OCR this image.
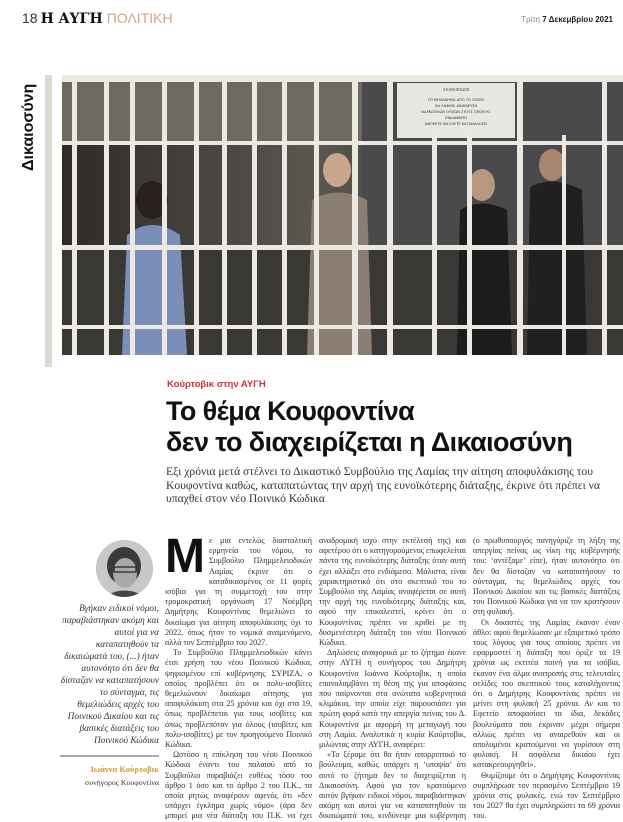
18 Η ΑΥΓΗ ΠΟΛΙΤΙΚΗ	Τρίτη 7 Δεκεμβρίου 2021
Δικαιοσύνη	ΑΝΑΚΟΙΝΩΣΗ
ΤΟ ΜΗΧΑΝΗΜΑ ΑΠΟ ΤΟ ΟΠΟΙΟ
ΘΑ ΛΗΦΘΕΙ ΑΝΙΧΝΕΥΣΗ
ΝΑΡΚΩΤΙΚΩΝ ΟΥΣΙΩΝ ΣΤΟΥΣ ΟΠΟΙΟΥΣ
ΕΝΔΙΑΦΕΡΕΙ
ΑΦΟΡΕΤΕ ΑΝ ΕΧΕΤΕ ΚΑΤΑΝΑΛΩΣΕΙ
Κούρτοβικ στην ΑΥΓΗ
Το θέμα Κουφοντίνα
δεν το διαχειρίζεται η Δικαιοσύνη
Εξι χρόνια μετά στέλνει το Δικαστικό Συμβούλιο της Λαμίας την αίτηση αποφυλάκισης του Κουφοντίνα καθώς, καταπατώντας την αρχή της ευνοϊκότερης διάταξης, έκρινε ότι πρέπει να υπαχθεί στον νέο Ποινικό Κώδικα
Βγήκαν ειδικοί νόμοι, παραβιάστηκαν ακόμη και αυτοί για να καταπατηθούν τα δικαιώματά του, (...) ήταν αυτονόητο ότι δεν θα δίσταζαν να καταπατήσουν το σύνταγμα, τις θεμελιώδεις αρχές του Ποινικού Δικαίου και τις βασικές διατάξεις του Ποινικού Κώδικα
Ιωάννα Κούρτοβικ
συνήγορος Κουφοντίνα

Με μια εντελώς διασταλτική ερμηνεία του νόμου, το Συμβούλιο Πλημμελειοδικών Λαμίας έκρινε ότι ο καταδικασμένος σε 11 φορές ισόβια για τη συμμετοχή του στην τρομοκρατική οργάνωση 17 Νοέμβρη Δημήτρης Κουφοντίνας θεμελιώνει το δικαίωμα για αίτηση αποφυλάκισης όχι το 2022, όπως ήταν το νομικά αναμενόμενο, αλλά τον Σεπτέμβριο του 2027.

Το Συμβούλιο Πλημμελειοδικών κάνει έτσι χρήση του νέου Ποινικού Κώδικα, ψηφισμένου επί κυβέρνησης ΣΥΡΙΖΑ, ο οποίος προβλέπει ότι οι πολυ-ισοβίτες θεμελιώνουν δικαίωμα αίτησης για αποφυλάκιση στα 25 χρόνια και όχι στα 19, όπως προβλέπεται για τους ισοβίτες και όπως προβλεπόταν για όλους (ισοβίτες και πολυ-ισοβίτες) με τον προηγούμενο Ποινικό Κώδικα.

Ωστόσο η επίκληση του νέου Ποινικού Κώδικα έναντι του παλαιού από το Συμβούλιο παραβιάζει ευθέως τόσο του άρθρο 1 όσο και το άρθρο 2 του Π.Κ., τα οποία ρητώς αναφέρουν αφενός ότι «δεν υπάρχει έγκλημα χωρίς νόμο» (άρα δεν μπορεί μια νέα διάταξη του Π.Κ. να έχει αναδρομική ισχύ στην εκτέλεσή της) και αφετέρου ότι ο κατηγορούμενος επωφελείται πάντα της ευνοϊκότερης διάταξης όταν αυτή έχει αλλάξει στο ενδιάμεσο. Μάλιστα, είναι χαρακτηριστικό ότι στο σκεπτικό του το Συμβούλιο της Λαμίας αναφέρεται σε αυτή την αρχή της ευνοϊκότερης διάταξης και, αφού την επικαλεστεί, κρίνει ότι ο Κουφοντίνας πρέπει να κριθεί με τη δυσμενέστερη διάταξη του νέου Ποινικού Κώδικα.

Δηλώσεις αναφορικά με το ζήτημα έκανε στην ΑΥΓΗ η συνήγορος του Δημήτρη Κουφοντίνα Ιωάννα Κούρτοβικ, η οποία επαναλαμβάνει τη θέση της για αποφάσεις που παίρνονται στα ανώτατα κυβερνητικά κλιμάκια, την οποία είχε παρουσιάσει για πρώτη φορά κατά την απεργία πείνας του Δ. Κουφοντίνα με αφορμή τη μεταγωγή του στη Λαμία. Αναλυτικά η κυρία Κούρτοβικ, μιλώντας στην ΑΥΓΗ, αναφέρει:

«Το ξέραμε ότι θα ήταν απορριπτικό το βούλευμα, καθώς υπάρχει η ‘υποψία’ ότι αυτό το ζήτημα δεν το διαχειρίζεται η Δικαιοσύνη. Αφού για τον κρατούμενο αυτόν βγήκαν ειδικοί νόμοι, παραβιάστηκαν ακόμη και αυτοί για να καταπατηθούν τα δικαιώματά του, κινδύνεψε μια κυβέρνηση (ο πρωθυπουργός πανηγύριζε τη λήξη της απεργίας πείνας ως νίκη της κυβέρνησής του: ‘αντέξαμε’ είπε), ήταν αυτονόητο ότι δεν θα δίσταζαν να καταπατήσουν το σύνταγμα, τις θεμελιώδεις αρχές του Ποινικού Δικαίου και τις βασικές διατάξεις του Ποινικού Κώδικα για να τον κρατήσουν στη φυλακή.

Οι δικαστές της Λαμίας έκαναν έναν άθλο: αφού θεμελίωσαν με εξαιρετικό τρόπο τους λόγους για τους οποίους πρέπει να εφαρμοστεί η διάταξη που όριζε τα 19 χρόνια ως εκτιτέα ποινή για τα ισόβια, έκαναν ένα άλμα ανατροπής στις τελευταίες σελίδες του σκεπτικού τους καταλήγοντας ότι ο Δημήτρης Κουφοντίνας πρέπει να μείνει στη φυλακή 25 χρόνια. Αν και το Εφετείο αποφασίσει τα ίδια, δεκάδες βουλεύματα που έκριναν μέχρι σήμερα αλλιώς πρέπει να αναιρεθούν και οι απολυμένοι κρατούμενοι να γυρίσουν στη φυλακή. Η ασφάλεια δικαίου έχει κατακρεουργηθεί».

Θυμίζουμε ότι ο Δημήτρης Κουφοντίνας συμπλήρωσε τον περασμένο Σεπτέμβριο 19 χρόνια στις φυλακές, ενώ τον Σεπτέμβριο του 2027 θα έχει συμπληρώσει τα 69 χρόνια του.
